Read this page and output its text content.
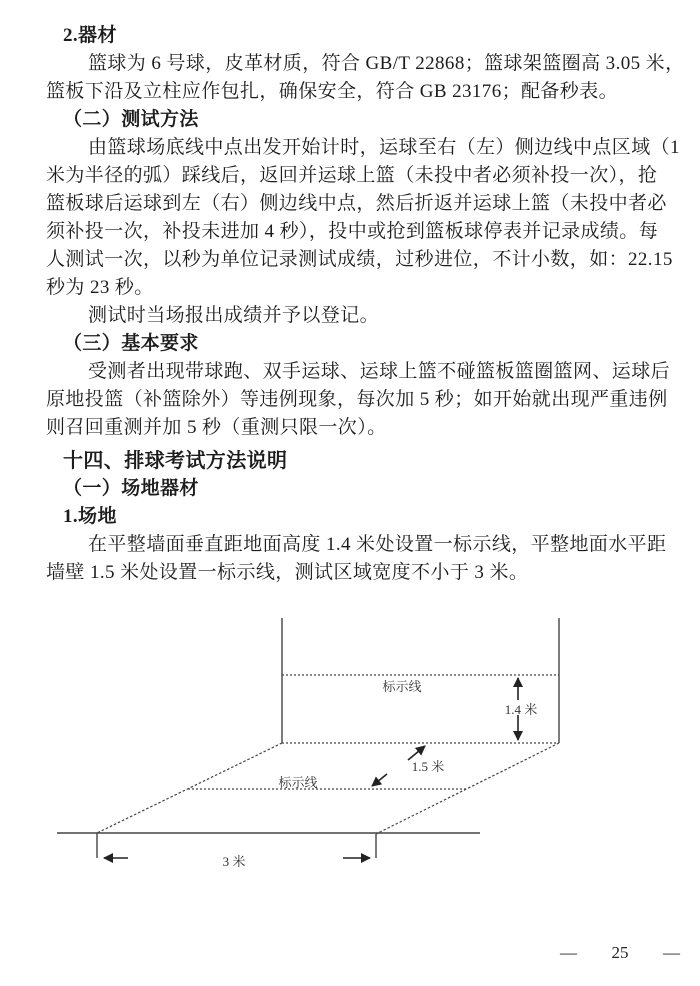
2.器材
篮球为 6 号球，皮革材质，符合 GB/T 22868；篮球架篮圈高 3.05 米，
篮板下沿及立柱应作包扎，确保安全，符合 GB 23176；配备秒表。
（二）测试方法
由篮球场底线中点出发开始计时，运球至右（左）侧边线中点区域（1
米为半径的弧）踩线后，返回并运球上篮（未投中者必须补投一次），抢
篮板球后运球到左（右）侧边线中点，然后折返并运球上篮（未投中者必
须补投一次，补投未进加 4 秒），投中或抢到篮板球停表并记录成绩。每
人测试一次，以秒为单位记录测试成绩，过秒进位，不计小数，如：22.15
秒为 23 秒。
测试时当场报出成绩并予以登记。
（三）基本要求
受测者出现带球跑、双手运球、运球上篮不碰篮板篮圈篮网、运球后
原地投篮（补篮除外）等违例现象，每次加 5 秒；如开始就出现严重违例
则召回重测并加 5 秒（重测只限一次）。
十四、排球考试方法说明
（一）场地器材
1.场地
在平整墙面垂直距地面高度 1.4 米处设置一标示线，平整地面水平距
墙壁 1.5 米处设置一标示线，测试区域宽度不小于 3 米。
标示线
1.4 米
1.5 米
标示线
3 米
— 25 —
